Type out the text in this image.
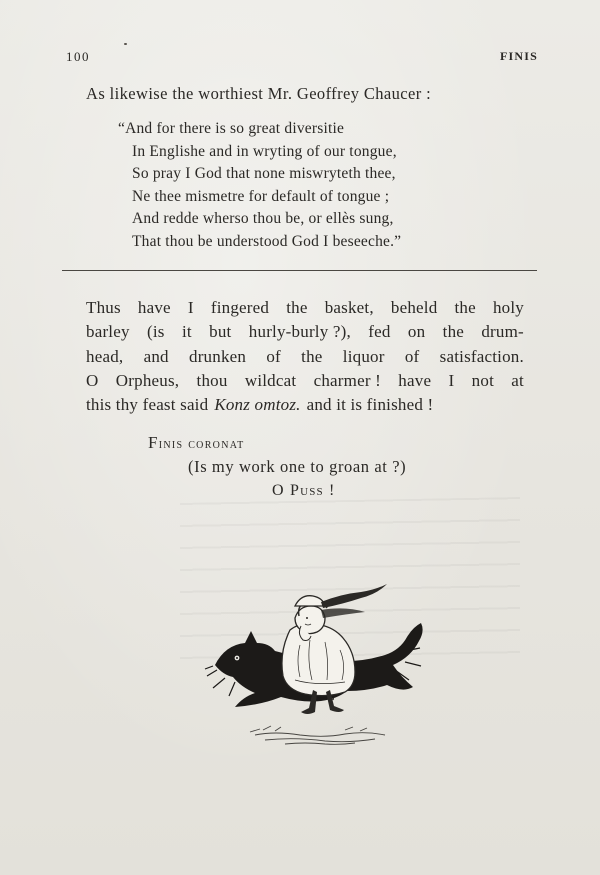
100	FINIS
As likewise the worthiest Mr. Geoffrey Chaucer :
“And for there is so great diversitie
In Englishe and in wryting of our tongue,
So pray I God that none miswryteth thee,
Ne thee mismetre for default of tongue ;
And redde wherso thou be, or ellès sung,
That thou be understood God I beseeche.”
Thus have I fingered the basket, beheld the holy
barley (is it but hurly-burly ?), fed on the drum-
head, and drunken of the liquor of satisfaction.
O Orpheus, thou wildcat charmer ! have I not at
this thy feast said Konz omtoz. and it is finished !
Finis coronat
(Is my work one to groan at ?)
O Puss !
